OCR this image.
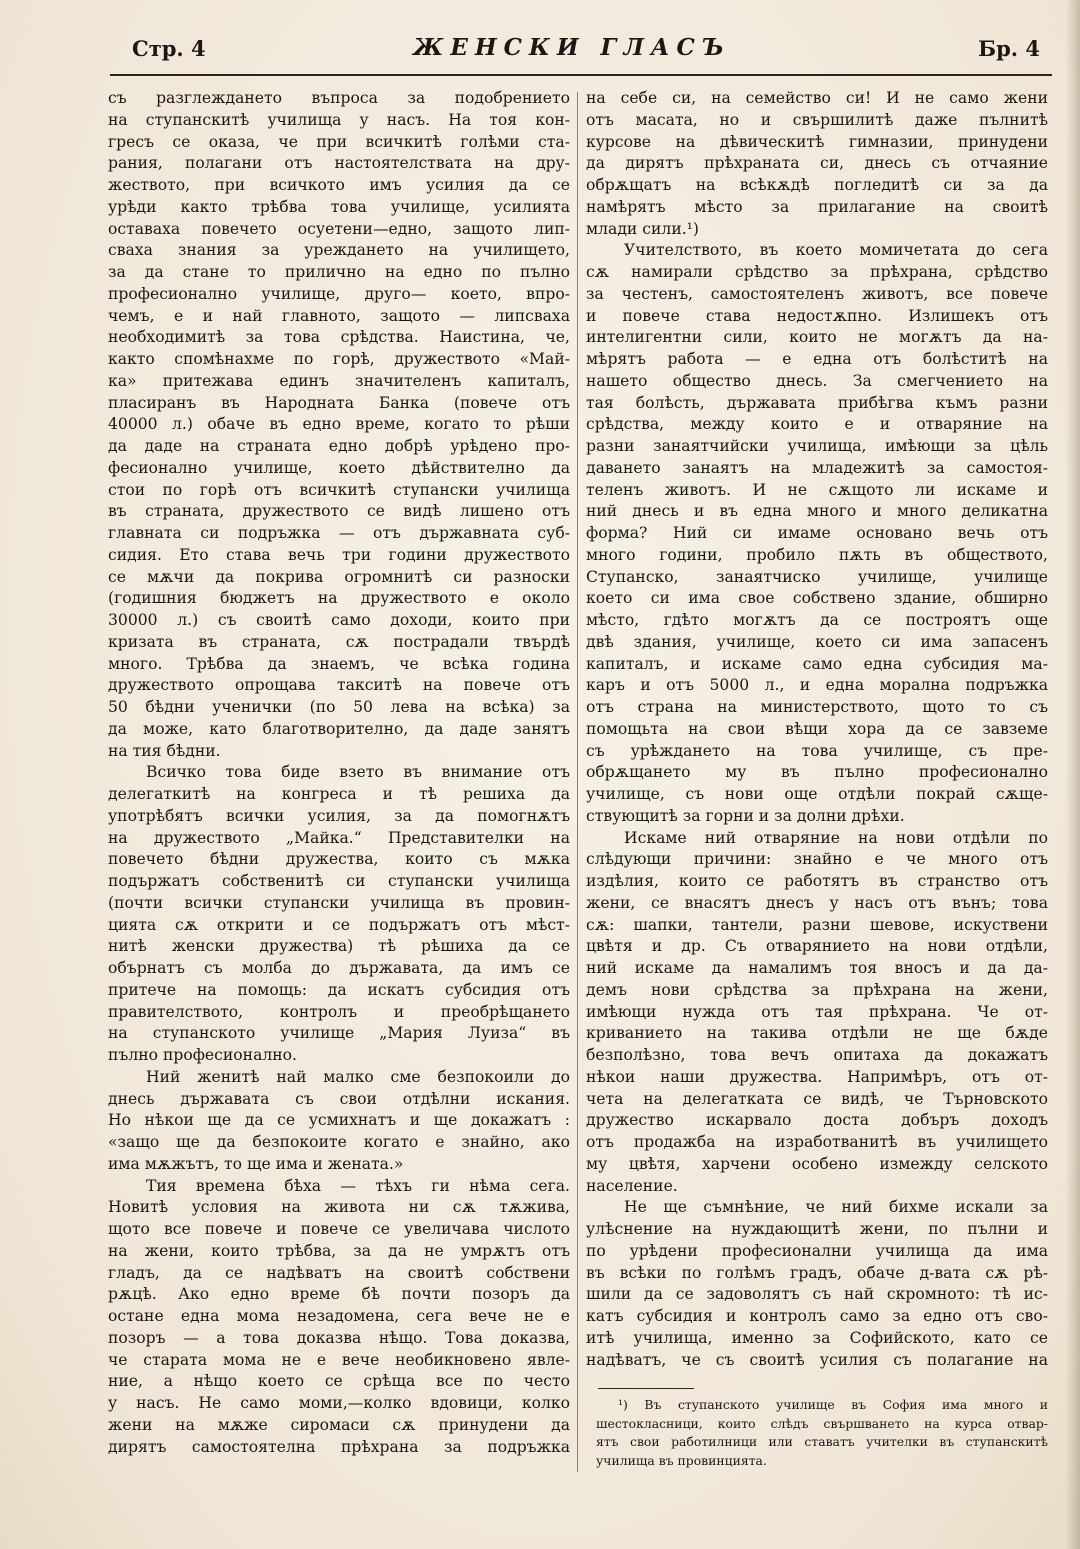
Стр. 4	ЖЕНСКИ ГЛАСЪ	Бр. 4
съ разглеждането въпроса за подобрението
на ступанскитѣ училища у насъ. На тоя кон-
гресъ се оказа, че при всичкитѣ голѣми ста-
рания, полагани отъ настоятелствата на дру-
жеството, при всичкото имъ усилия да се
урѣди както трѣбва това училище, усилията
оставаха повечето осуетени—едно, защото лип-
сваха знания за уреждането на училището,
за да стане то прилично на едно по пълно
професионално училище, друго— което, впро-
чемъ, е и най главното, защото — липсваха
необходимитѣ за това срѣдства. Наистина, че,
както спомѣнахме по горѣ, дружеството «Май-
ка» притежава единъ значителенъ капиталъ,
пласиранъ въ Народната Банка (повече отъ
40000 л.) обаче въ едно време, когато то рѣши
да даде на страната едно добрѣ урѣдено про-
фесионално училище, което дѣйствително да
стои по горѣ отъ всичкитѣ ступански училища
въ страната, дружеството се видѣ лишено отъ
главната си подръжка — отъ държавната суб-
сидия. Ето става вечь три години дружеството
се мѫчи да покрива огромнитѣ си разноски
(годишния бюджетъ на дружеството е около
30000 л.) съ своитѣ само доходи, които при
кризата въ страната, сѫ пострадали твърдѣ
много. Трѣбва да знаемъ, че всѣка година
дружеството опрощава такситѣ на повече отъ
50 бѣдни ученички (по 50 лева на всѣка) за
да може, като благотворително, да даде занятъ
на тия бѣдни.
Всичко това биде взето въ внимание отъ
делегаткитѣ на конгреса и тѣ решиха да
употрѣбятъ всички усилия, за да помогнѫтъ
на дружеството „Майка.“ Представителки на
повечето бѣдни дружества, които съ мѫка
подържатъ собственитѣ си ступански училища
(почти всички ступански училища въ провин-
цията сѫ открити и се подържатъ отъ мѣст-
нитѣ женски дружества) тѣ рѣшиха да се
обърнатъ съ молба до държавата, да имъ се
притече на помощь: да искатъ субсидия отъ
правителството, контролъ и преобрѣщането
на ступанското училище „Мария Луиза“ въ
пълно професионално.
Ний женитѣ най малко сме безпокоили до
днесь държавата съ свои отдѣлни искания.
Но нѣкои ще да се усмихнатъ и ще докажатъ :
«защо ще да безпокоите когато е знайно, ако
има мѫжътъ, то ще има и жената.»
Тия времена бѣха — тѣхъ ги нѣма сега.
Новитѣ условия на живота ни сѫ тѫжива,
щото все повече и повече се увеличава числото
на жени, които трѣбва, за да не умрѫтъ отъ
гладъ, да се надѣватъ на своитѣ собствени
рѫцѣ. Ако едно време бѣ почти позоръ да
остане една мома незадомена, сега вече не е
позоръ — а това доказва нѣщо. Това доказва,
че старата мома не е вече необикновено явле-
ние, а нѣщо което се срѣща все по често
у насъ. Не само моми,—колко вдовици, колко
жени на мѫже сиромаси сѫ принудени да
дирятъ самостоятелна прѣхрана за подръжка
на себе си, на семейство си! И не само жени
отъ масата, но и свършилитѣ даже пълнитѣ
курсове на дѣвическитѣ гимназии, принудени
да дирятъ прѣхраната си, днесь съ отчаяние
обрѫщатъ на всѣкѫдѣ погледитѣ си за да
намѣрятъ мѣсто за прилагание на своитѣ
млади сили.¹)
Учителството, въ което момичетата до сега
сѫ намирали срѣдство за прѣхрана, срѣдство
за честенъ, самостоятеленъ животъ, все повече
и повече става недостѫпно. Излишекъ отъ
интелигентни сили, които не могѫтъ да на-
мѣрятъ работа — е една отъ болѣститѣ на
нашето общество днесь. За смегчението на
тая болѣсть, държавата прибѣгва къмъ разни
срѣдства, между които е и отваряние на
разни занаятчийски училища, имѣющи за цѣль
даването занаятъ на младежитѣ за самостоя-
теленъ животъ. И не сѫщото ли искаме и
ний днесь и въ една много и много деликатна
форма? Ний си имаме основано вечь отъ
много години, пробило пѫть въ обществото,
Ступанско, занаятчиско училище, училище
което си има свое собствено здание, обширно
мѣсто, гдѣто могѫтъ да се построятъ още
двѣ здания, училище, което си има запасенъ
капиталъ, и искаме само една субсидия ма-
каръ и отъ 5000 л., и една морална подръжка
отъ страна на министерството, щото то съ
помощьта на свои вѣщи хора да се завземе
съ урѣждането на това училище, съ пре-
обрѫщането му въ пълно професионално
училище, съ нови още отдѣли покрай сѫще-
ствующитѣ за горни и за долни дрѣхи.
Искаме ний отваряние на нови отдѣли по
слѣдующи причини: знайно е че много отъ
издѣлия, които се работятъ въ странство отъ
жени, се внасятъ днесъ у насъ отъ вънъ; това
сѫ: шапки, тантели, разни шевове, искуствени
цвѣтя и др. Съ отварянието на нови отдѣли,
ний искаме да намалимъ тоя вносъ и да да-
демъ нови срѣдства за прѣхрана на жени,
имѣющи нужда отъ тая прѣхрана. Че от-
криванието на такива отдѣли не ще бѫде
безполѣзно, това вечъ опитаха да докажатъ
нѣкои наши дружества. Напримѣръ, отъ от-
чета на делегатката се видѣ, че Търновското
дружество искарвало доста добъръ доходъ
отъ продажба на изработванитѣ въ училището
му цвѣтя, харчени особено измежду селското
население.
Не ще съмнѣние, че ний бихме искали за
улѣснение на нуждающитѣ жени, по пълни и
по урѣдени професионални училища да има
въ всѣки по голѣмъ градъ, обаче д-вата сѫ рѣ-
шили да се задоволятъ съ най скромното: тѣ ис-
катъ субсидия и контролъ само за едно отъ сво-
итѣ училища, именно за Софийското, като се
надѣватъ, че съ своитѣ усилия съ полагание на
¹) Въ ступанското училище въ София има много и
шестокласници, които слѣдъ свършването на курса отвар-
ятъ свои работилници или ставатъ учителки въ ступанскитѣ
училища въ провинцията.
